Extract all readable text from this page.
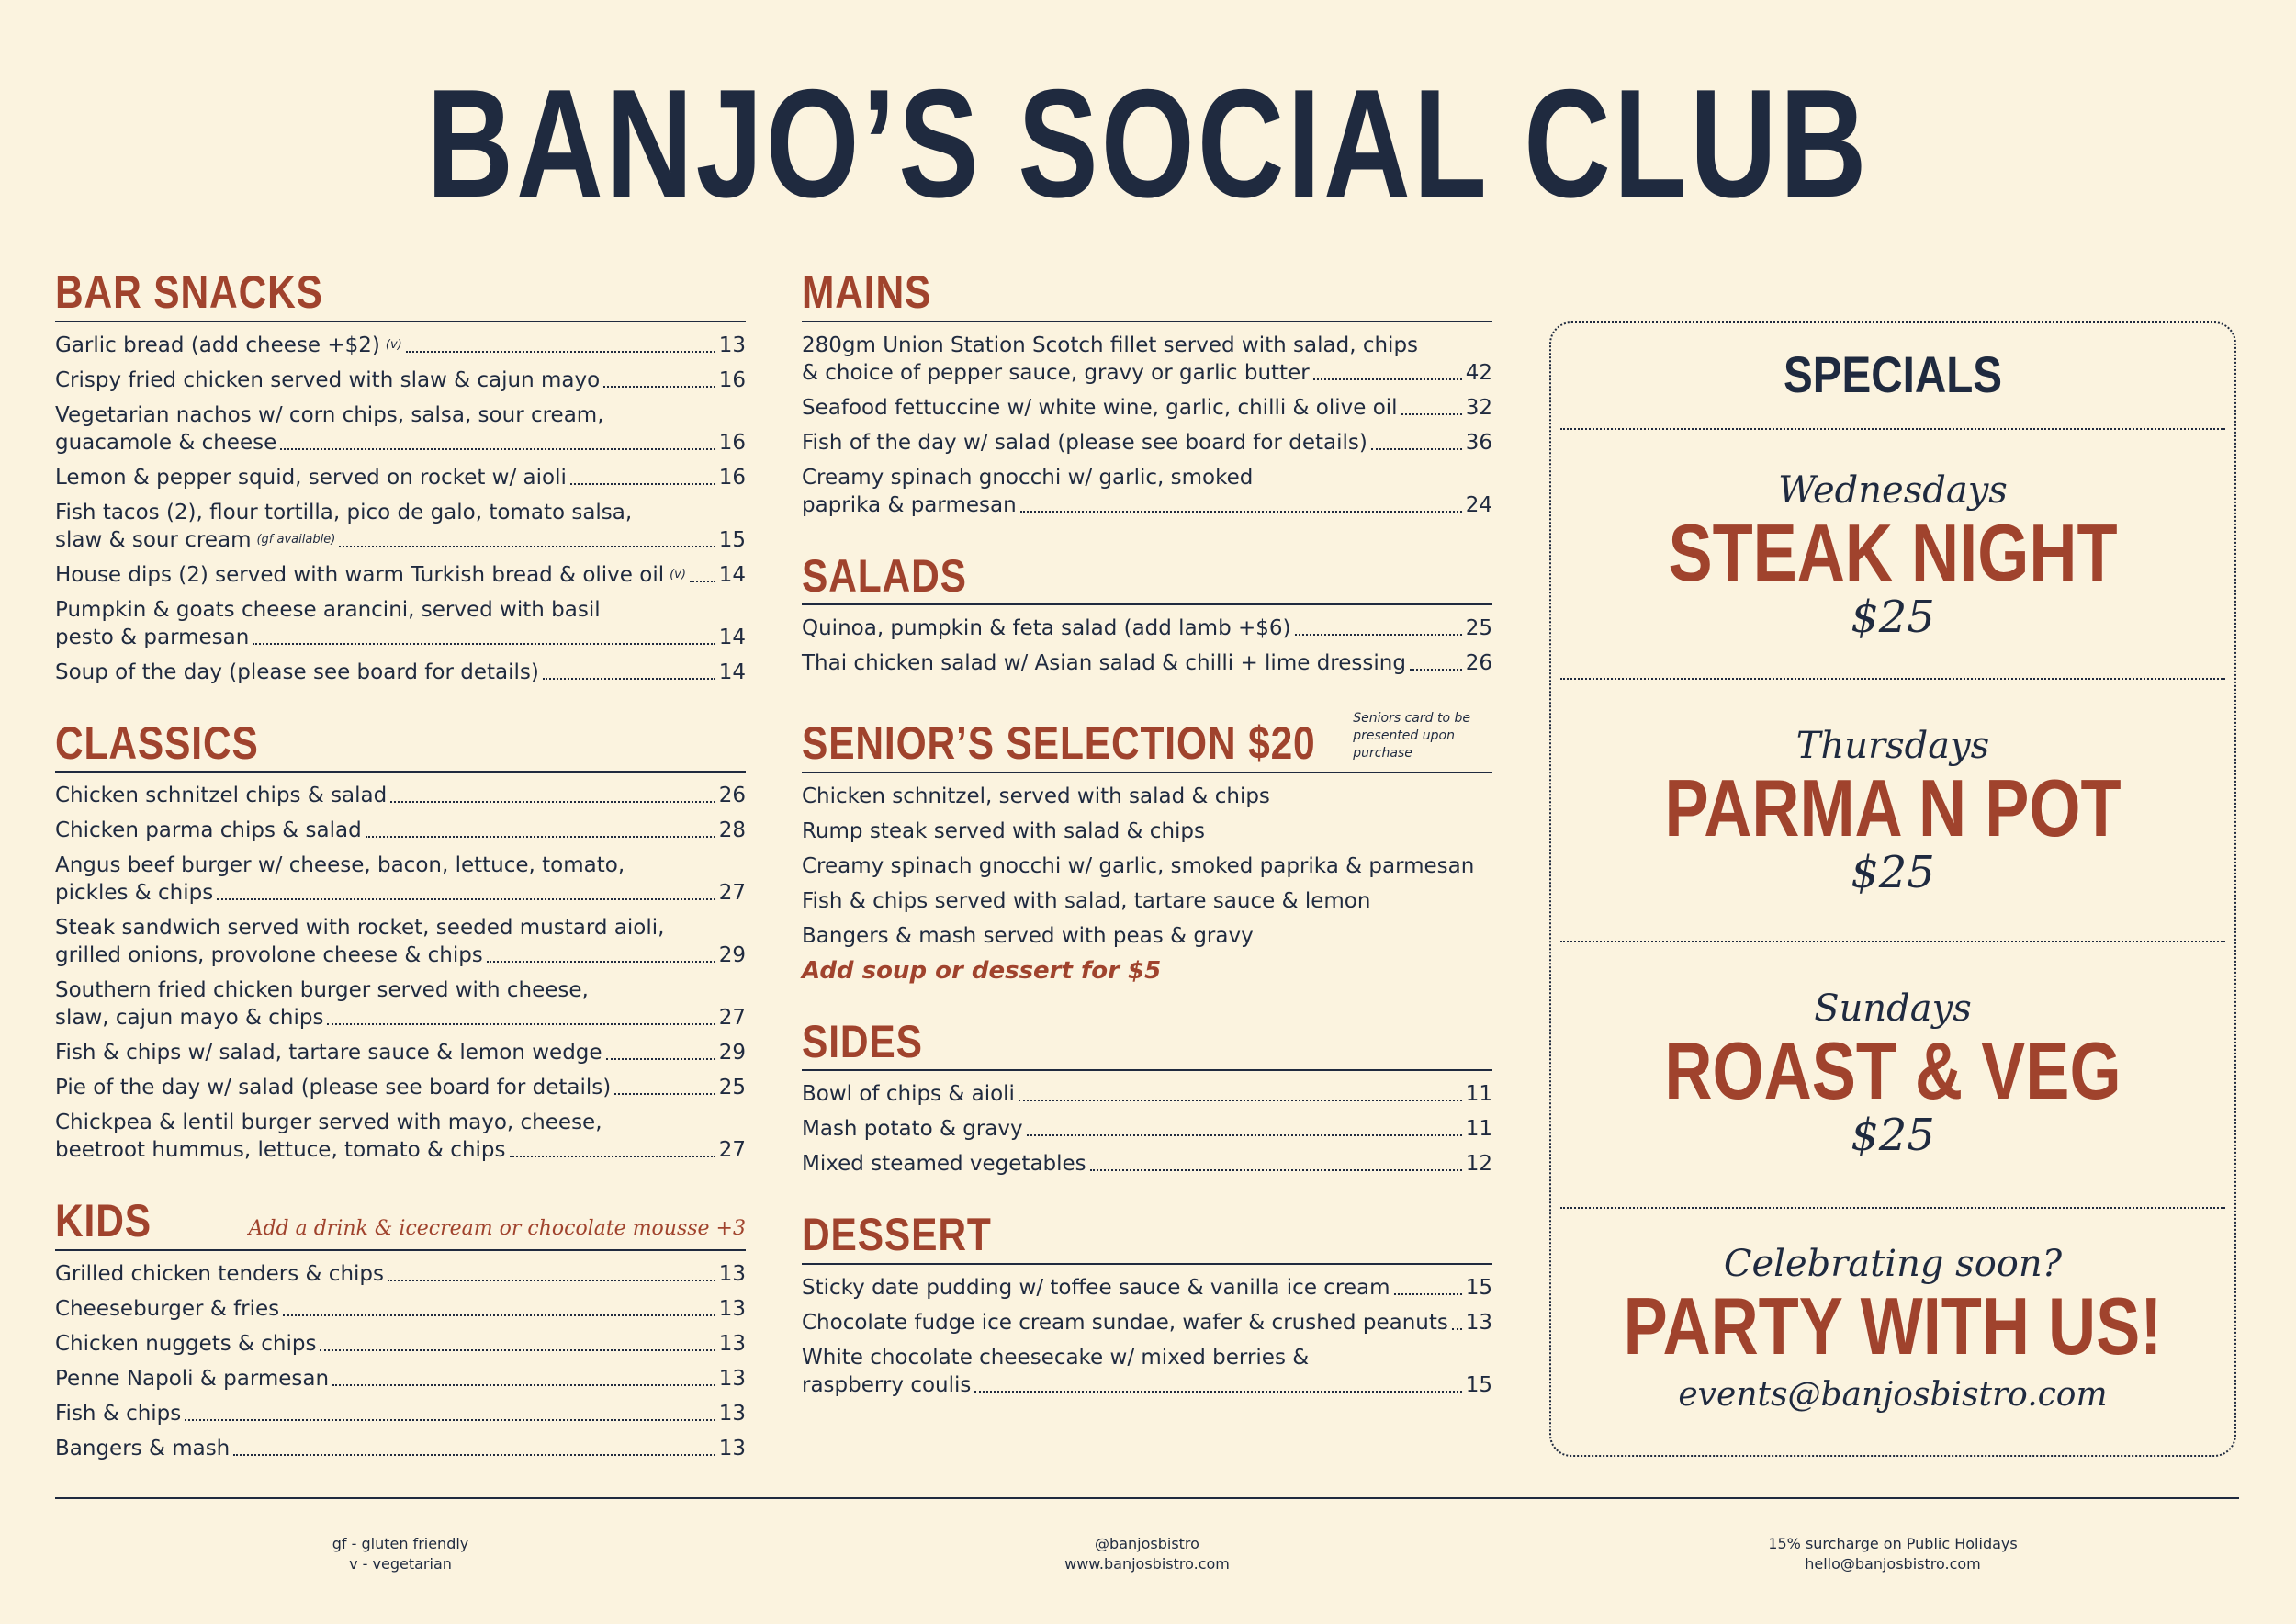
BANJO’S SOCIAL CLUB
BAR SNACKS
Garlic bread (add cheese +$2) (v)	13
Crispy fried chicken served with slaw & cajun mayo	16
Vegetarian nachos w/ corn chips, salsa, sour cream,
guacamole & cheese	16
Lemon & pepper squid, served on rocket w/ aioli	16
Fish tacos (2), flour tortilla, pico de galo, tomato salsa,
slaw & sour cream (gf available)	15
House dips (2) served with warm Turkish bread & olive oil (v) 14
Pumpkin & goats cheese arancini, served with basil
pesto & parmesan	14
Soup of the day (please see board for details)	14
CLASSICS
Chicken schnitzel chips & salad	26
Chicken parma chips & salad	28
Angus beef burger w/ cheese, bacon, lettuce, tomato,
pickles & chips	27
Steak sandwich served with rocket, seeded mustard aioli,
grilled onions, provolone cheese & chips	29
Southern fried chicken burger served with cheese,
slaw, cajun mayo & chips	27
Fish & chips w/ salad, tartare sauce & lemon wedge	29
Pie of the day w/ salad (please see board for details)	25
Chickpea & lentil burger served with mayo, cheese,
beetroot hummus, lettuce, tomato & chips	27
KIDS	Add a drink & icecream or chocolate mousse +3
Grilled chicken tenders & chips	13
Cheeseburger & fries	13
Chicken nuggets & chips	13
Penne Napoli & parmesan	13
Fish & chips	13
Bangers & mash	13
MAINS
280gm Union Station Scotch fillet served with salad, chips
& choice of pepper sauce, gravy or garlic butter	42
Seafood fettuccine w/ white wine, garlic, chilli & olive oil	32
Fish of the day w/ salad (please see board for details)	36
Creamy spinach gnocchi w/ garlic, smoked
paprika & parmesan	24
SALADS
Quinoa, pumpkin & feta salad (add lamb +$6)	25
Thai chicken salad w/ Asian salad & chilli + lime dressing	26
SENIOR’S SELECTION $20	Seniors card to be
presented upon purchase
Chicken schnitzel, served with salad & chips
Rump steak served with salad & chips
Creamy spinach gnocchi w/ garlic, smoked paprika & parmesan
Fish & chips served with salad, tartare sauce & lemon
Bangers & mash served with peas & gravy
Add soup or dessert for $5
SIDES
Bowl of chips & aioli	11
Mash potato & gravy	11
Mixed steamed vegetables	12
DESSERT
Sticky date pudding w/ toffee sauce & vanilla ice cream	15
Chocolate fudge ice cream sundae, wafer & crushed peanuts 13
White chocolate cheesecake w/ mixed berries &
raspberry coulis	15
SPECIALS
Wednesdays
STEAK NIGHT
$25
Thursdays
PARMA N POT
$25
Sundays
ROAST & VEG
$25
Celebrating soon?
PARTY WITH US!
events@banjosbistro.com
gf - gluten friendly
v - vegetarian
@banjosbistro
www.banjosbistro.com
15% surcharge on Public Holidays
hello@banjosbistro.com
